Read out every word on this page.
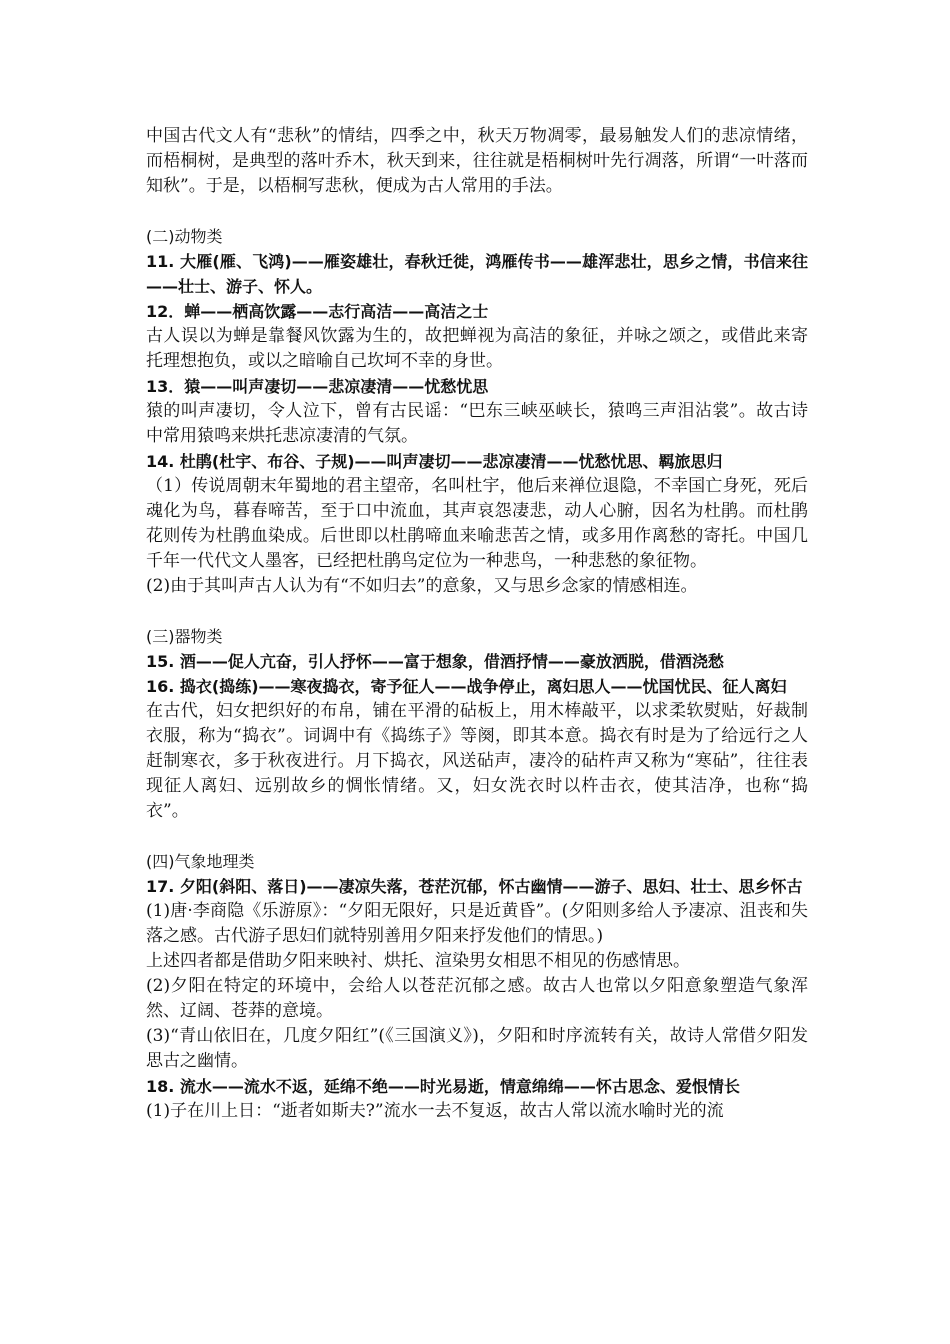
中国古代文人有“悲秋”的情结，四季之中，秋天万物凋零，最易触发人们的悲凉情绪，而梧桐树，是典型的落叶乔木，秋天到来，往往就是梧桐树叶先行凋落，所谓“一叶落而知秋”。于是，以梧桐写悲秋，便成为古人常用的手法。

(二)动物类

11. 大雁(雁、飞鸿)——雁姿雄壮，春秋迁徙，鸿雁传书——雄浑悲壮，思乡之情，书信来往——壮士、游子、怀人。

12．蝉——栖高饮露——志行高洁——高洁之士

古人误以为蝉是靠餐风饮露为生的，故把蝉视为高洁的象征，并咏之颂之，或借此来寄托理想抱负，或以之暗喻自己坎坷不幸的身世。

13．猿——叫声凄切——悲凉凄清——忧愁忧思

猿的叫声凄切，令人泣下，曾有古民谣：“巴东三峡巫峡长，猿鸣三声泪沾裳”。故古诗中常用猿鸣来烘托悲凉凄清的气氛。

14. 杜鹃(杜宇、布谷、子规)——叫声凄切——悲凉凄清——忧愁忧思、羁旅思归

（1）传说周朝末年蜀地的君主望帝，名叫杜宇，他后来禅位退隐，不幸国亡身死，死后魂化为鸟，暮春啼苦，至于口中流血，其声哀怨凄悲，动人心腑，因名为杜鹃。而杜鹃花则传为杜鹃血染成。后世即以杜鹃啼血来喻悲苦之情，或多用作离愁的寄托。中国几千年一代代文人墨客，已经把杜鹃鸟定位为一种悲鸟，一种悲愁的象征物。

(2)由于其叫声古人认为有“不如归去”的意象，又与思乡念家的情感相连。

(三)器物类

15. 酒——促人亢奋，引人抒怀——富于想象，借酒抒情——豪放洒脱，借酒浇愁

16. 捣衣(捣练)——寒夜捣衣，寄予征人——战争停止，离妇思人——忧国忧民、征人离妇

在古代，妇女把织好的布帛，铺在平滑的砧板上，用木棒敲平，以求柔软熨贴，好裁制衣服，称为“捣衣”。词调中有《捣练子》等阕，即其本意。捣衣有时是为了给远行之人赶制寒衣，多于秋夜进行。月下捣衣，风送砧声，凄冷的砧杵声又称为“寒砧”，往往表现征人离妇、远别故乡的惆怅情绪。又，妇女洗衣时以杵击衣，使其洁净，也称“捣衣”。

(四)气象地理类

17. 夕阳(斜阳、落日)——凄凉失落，苍茫沉郁，怀古幽情——游子、思妇、壮士、思乡怀古

(1)唐·李商隐《乐游原》：“夕阳无限好，只是近黄昏”。(夕阳则多给人予凄凉、沮丧和失落之感。古代游子思妇们就特别善用夕阳来抒发他们的情思。)

上述四者都是借助夕阳来映衬、烘托、渲染男女相思不相见的伤感情思。

(2)夕阳在特定的环境中，会给人以苍茫沉郁之感。故古人也常以夕阳意象塑造气象浑然、辽阔、苍莽的意境。

(3)“青山依旧在，几度夕阳红”(《三国演义》)，夕阳和时序流转有关，故诗人常借夕阳发思古之幽情。

18. 流水——流水不返，延绵不绝——时光易逝，情意绵绵——怀古思念、爱恨情长

(1)子在川上日：“逝者如斯夫?”流水一去不复返，故古人常以流水喻时光的流
